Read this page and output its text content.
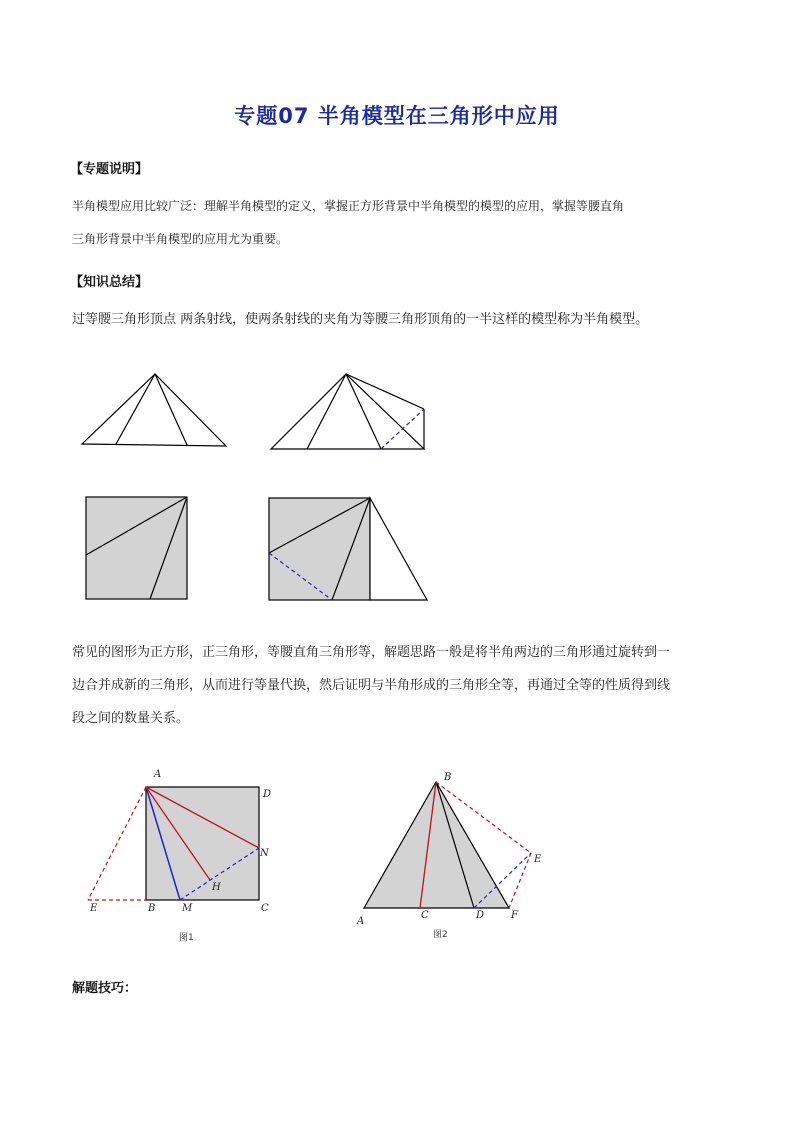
专题07 半角模型在三角形中应用
【专题说明】
半角模型应用比较广泛：理解半角模型的定义，掌握正方形背景中半角模型的模型的应用，掌握等腰直角
三角形背景中半角模型的应用尤为重要。
【知识总结】
过等腰三角形顶点 两条射线，使两条射线的夹角为等腰三角形顶角的一半这样的模型称为半角模型。
A
D
N
H
E	B	M	C
图1
B
E
A
C	D	F
图2
常见的图形为正方形，正三角形，等腰直角三角形等，解题思路一般是将半角两边的三角形通过旋转到一
边合并成新的三角形，从而进行等量代换，然后证明与半角形成的三角形全等，再通过全等的性质得到线
段之间的数量关系。
解题技巧：
